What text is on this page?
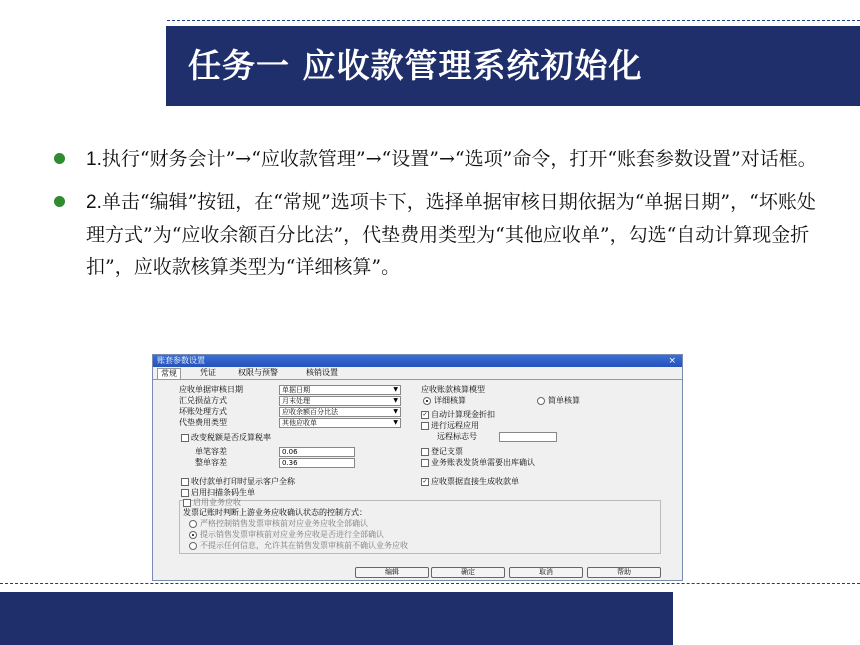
任务一 应收款管理系统初始化
1.执行“财务会计”→“应收款管理”→“设置”→“选项”命令，打开“账套参数设置”对话框。
2.单击“编辑”按钮，在“常规”选项卡下，选择单据审核日期依据为“单据日期”，“坏账处理方式”为“应收余额百分比法”，代垫费用类型为“其他应收单”，勾选“自动计算现金折扣”，应收款核算类型为“详细核算”。
账套参数设置	×
常规	凭证	权限与预警	核销设置
应收单据审核日期	单据日期	▼
汇兑损益方式	月末处理	▼
坏账处理方式	应收余额百分比法	▼
代垫费用类型	其他应收单	▼
应收账款核算模型
详细核算	简单核算
✓ 自动计算现金折扣
进行远程应用
远程标志号
改变税额是否反算税率
单笔容差	0.06
整单容差	0.36
登记支票
业务账表发货单需要出库确认
收付款单打印时显示客户全称	✓ 应收票据直接生成收款单
启用扫描条码生单
启用业务应收
发票记账时判断上游业务应收确认状态的控制方式：
严格控制销售发票审核前对应业务应收全部确认
提示销售发票审核前对应业务应收是否进行全部确认
不提示任何信息，允许其在销售发票审核前不确认业务应收
编辑	确定	取消	帮助
